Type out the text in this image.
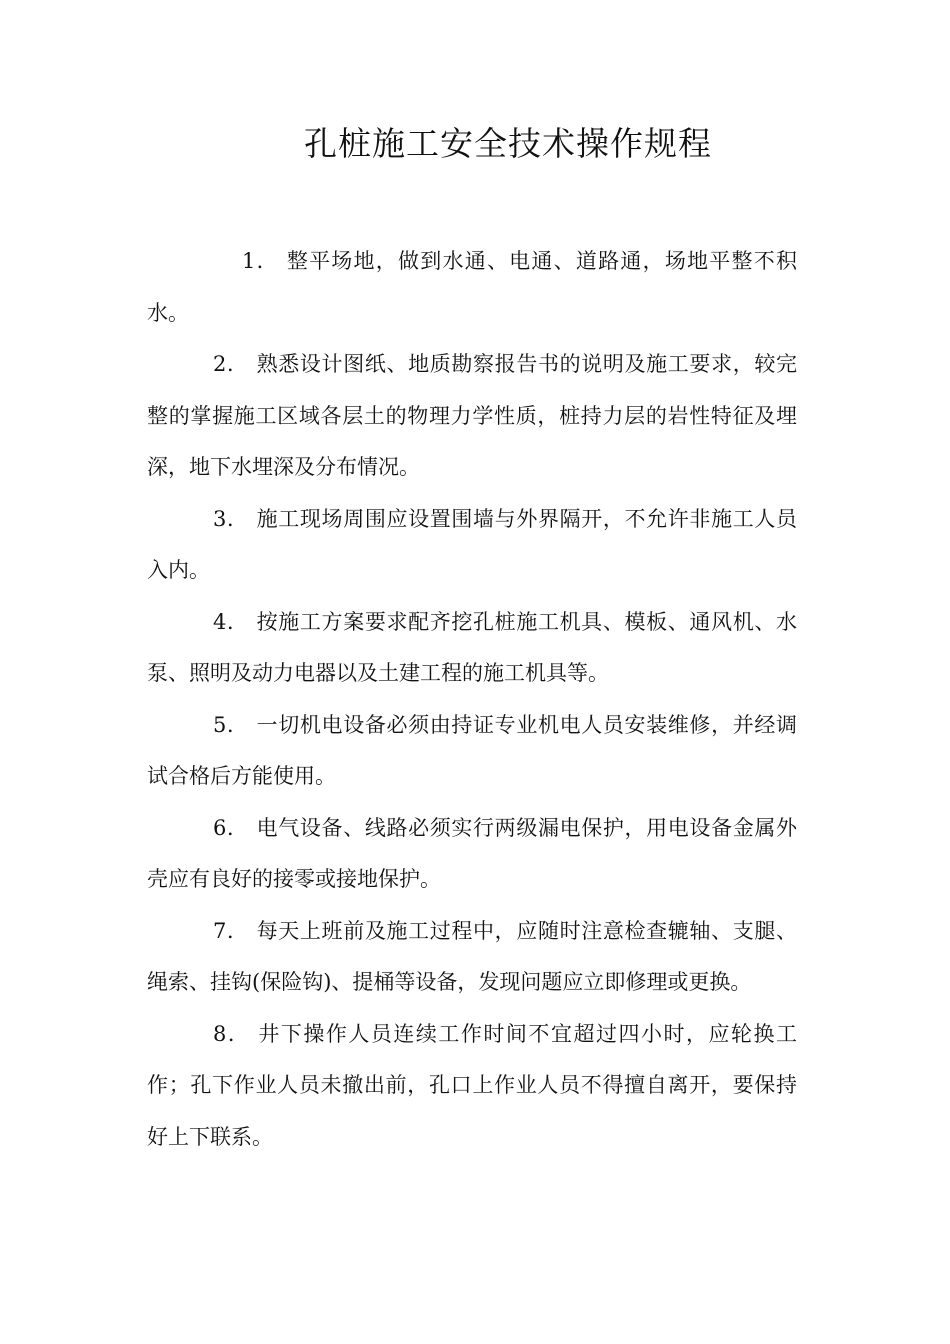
孔桩施工安全技术操作规程

1． 整平场地，做到水通、电通、道路通，场地平整不积水。

2． 熟悉设计图纸、地质勘察报告书的说明及施工要求，较完整的掌握施工区域各层土的物理力学性质，桩持力层的岩性特征及埋深，地下水埋深及分布情况。

3． 施工现场周围应设置围墙与外界隔开，不允许非施工人员入内。

4． 按施工方案要求配齐挖孔桩施工机具、模板、通风机、水泵、照明及动力电器以及土建工程的施工机具等。

5． 一切机电设备必须由持证专业机电人员安装维修，并经调试合格后方能使用。

6． 电气设备、线路必须实行两级漏电保护，用电设备金属外壳应有良好的接零或接地保护。

7． 每天上班前及施工过程中，应随时注意检查辘轴、支腿、绳索、挂钩(保险钩)、提桶等设备，发现问题应立即修理或更换。

8． 井下操作人员连续工作时间不宜超过四小时，应轮换工作；孔下作业人员未撤出前，孔口上作业人员不得擅自离开，要保持好上下联系。
